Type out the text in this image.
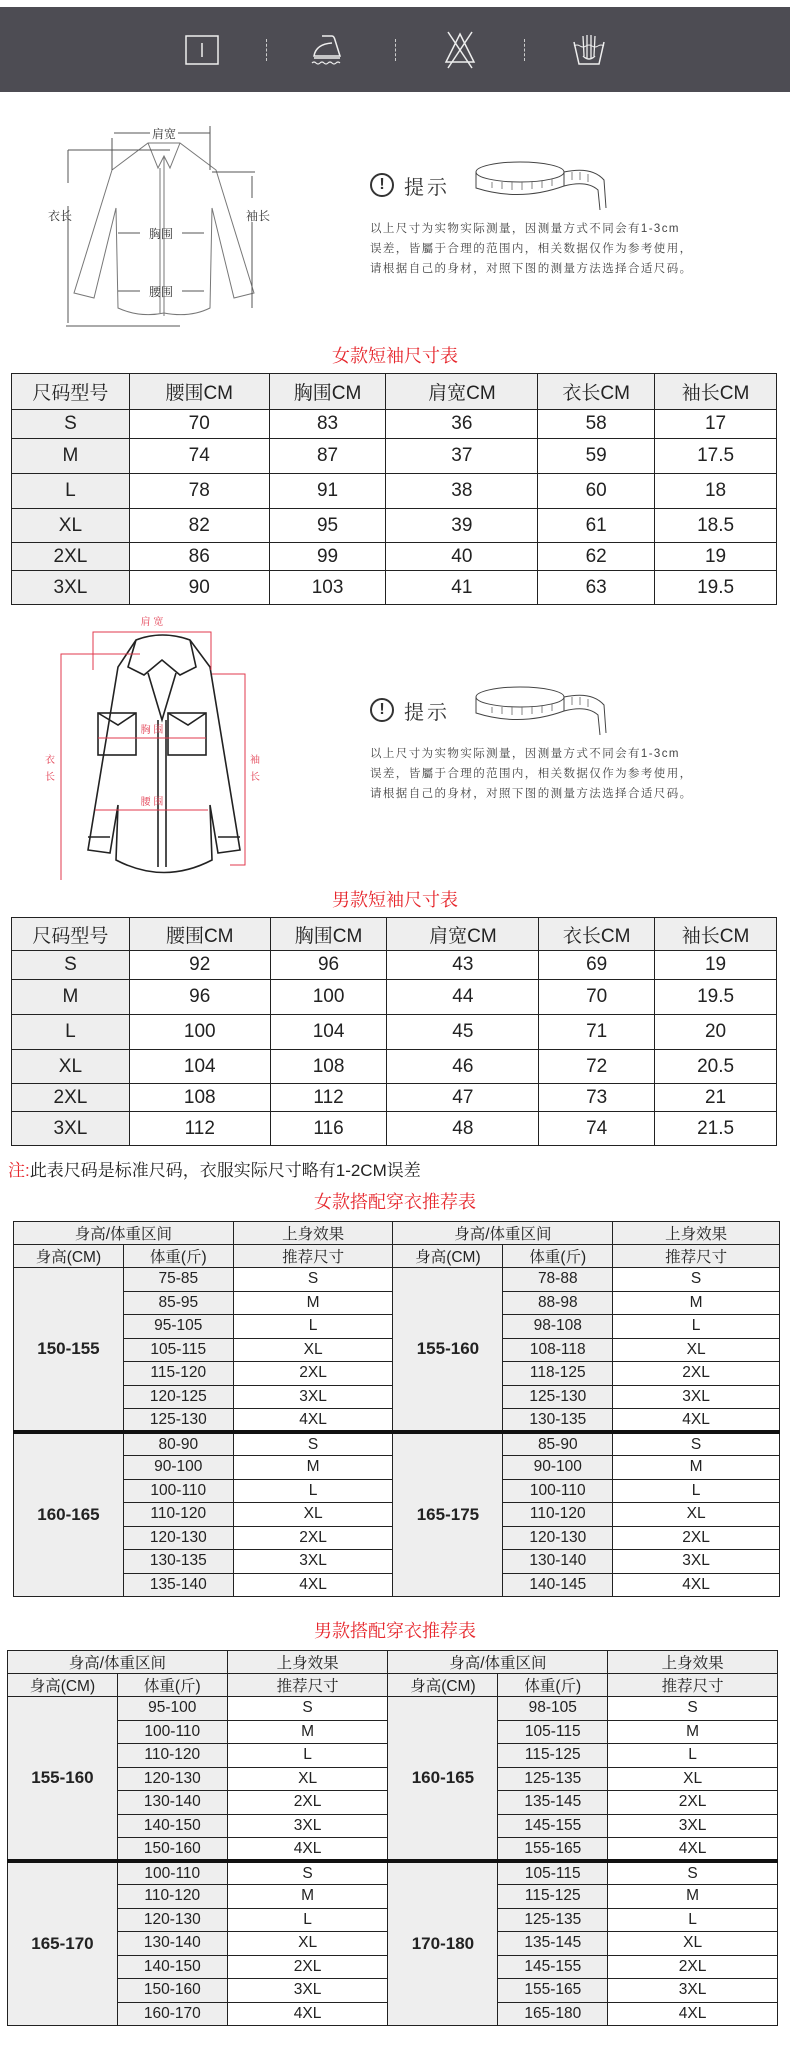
肩宽
衣长	袖长
胸围
腰围
! 提示
以上尺寸为实物实际测量，因测量方式不同会有1-3cm
误差，皆屬于合理的范围内，相关数据仅作为参考使用，
请根据自己的身材，对照下图的测量方法选择合适尺码。
女款短袖尺寸表
尺码型号	腰围CM	胸围CM	肩宽CM	衣长CM	袖长CM
S	70	83	36	58	17
M	74	87	37	59	17.5
L	78	91	38	60	18
XL	82	95	39	61	18.5
2XL	86	99	40	62	19
3XL	90	103	41	63	19.5
肩 宽
衣
长
袖
长
胸 围
腰 围
! 提示
以上尺寸为实物实际测量，因测量方式不同会有1-3cm
误差，皆屬于合理的范围内，相关数据仅作为参考使用，
请根据自己的身材，对照下图的测量方法选择合适尺码。
男款短袖尺寸表
尺码型号	腰围CM	胸围CM	肩宽CM	衣长CM	袖长CM
S	92	96	43	69	19
M	96	100	44	70	19.5
L	100	104	45	71	20
XL	104	108	46	72	20.5
2XL	108	112	47	73	21
3XL	112	116	48	74	21.5
注:此表尺码是标准尺码，衣服实际尺寸略有1-2CM误差
女款搭配穿衣推荐表
身高/体重区间		上身效果	身高/体重区间		上身效果
身高(CM)	体重(斤)	推荐尺寸	身高(CM)	体重(斤)	推荐尺寸
150-155	75-85	S	155-160	78-88	S
	85-95	M		88-98	M
	95-105	L		98-108	L
	105-115	XL		108-118	XL
	115-120	2XL		118-125	2XL
	120-125	3XL		125-130	3XL
	125-130	4XL		130-135	4XL
160-165	80-90	S	165-175	85-90	S
	90-100	M		90-100	M
	100-110	L		100-110	L
	110-120	XL		110-120	XL
	120-130	2XL		120-130	2XL
	130-135	3XL		130-140	3XL
	135-140	4XL		140-145	4XL
男款搭配穿衣推荐表
身高/体重区间		上身效果	身高/体重区间		上身效果
身高(CM)	体重(斤)	推荐尺寸	身高(CM)	体重(斤)	推荐尺寸
155-160	95-100	S	160-165	98-105	S
	100-110	M		105-115	M
	110-120	L		115-125	L
	120-130	XL		125-135	XL
	130-140	2XL		135-145	2XL
	140-150	3XL		145-155	3XL
	150-160	4XL		155-165	4XL
165-170	100-110	S	170-180	105-115	S
	110-120	M		115-125	M
	120-130	L		125-135	L
	130-140	XL		135-145	XL
	140-150	2XL		145-155	2XL
	150-160	3XL		155-165	3XL
	160-170	4XL		165-180	4XL
